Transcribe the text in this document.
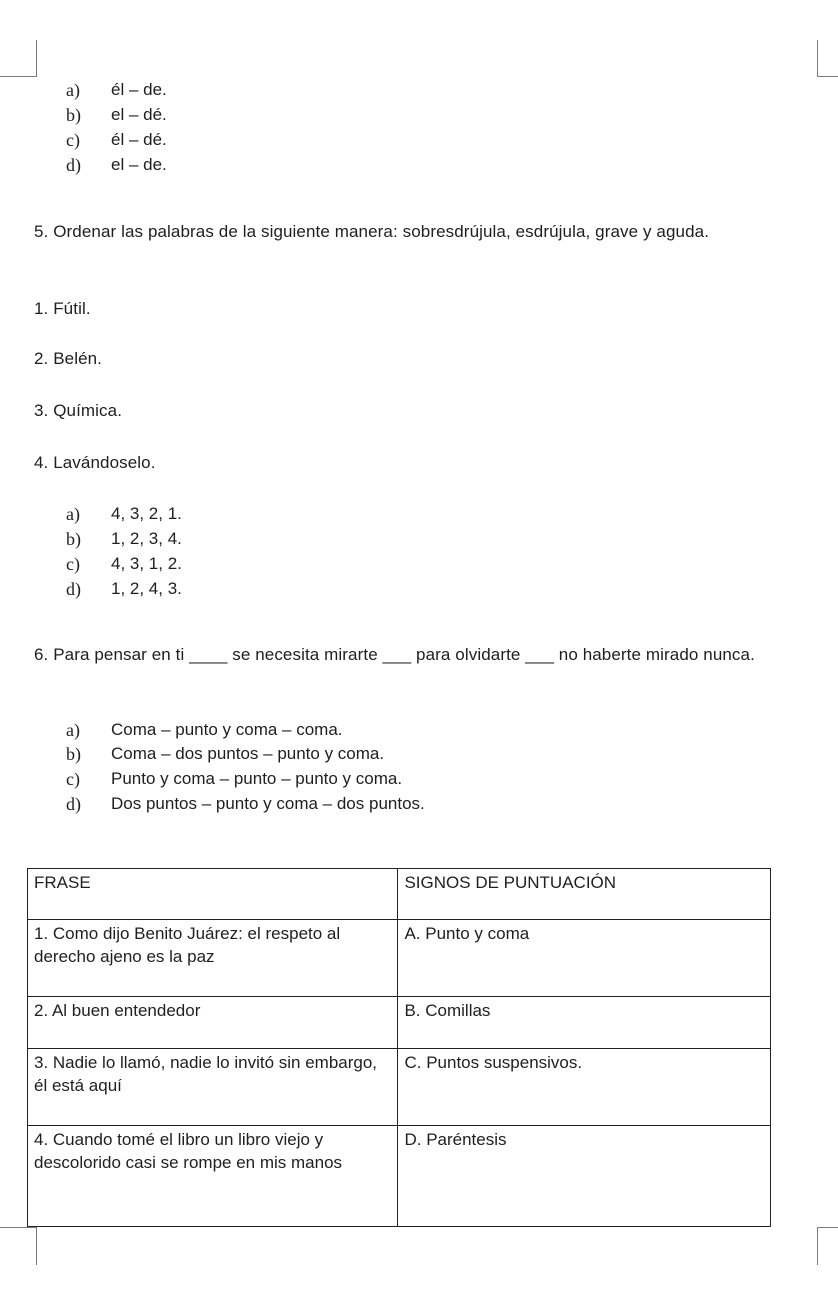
a) él – de.
b) el – dé.
c) él – dé.
d) el – de.
5. Ordenar las palabras de la siguiente manera: sobresdrújula, esdrújula, grave y aguda.
1. Fútil.
2. Belén.
3. Química.
4. Lavándoselo.
a) 4, 3, 2, 1.
b) 1, 2, 3, 4.
c) 4, 3, 1, 2.
d) 1, 2, 4, 3.
6. Para pensar en ti ____ se necesita mirarte ___ para olvidarte ___ no haberte mirado nunca.
a) Coma – punto y coma – coma.
b) Coma – dos puntos – punto y coma.
c) Punto y coma – punto – punto y coma.
d) Dos puntos – punto y coma – dos puntos.
FRASE	SIGNOS DE PUNTUACIÓN
1. Como dijo Benito Juárez: el respeto al derecho ajeno es la paz	A. Punto y coma
2. Al buen entendedor	B. Comillas
3. Nadie lo llamó, nadie lo invitó sin embargo, él está aquí	C. Puntos suspensivos.
4. Cuando tomé el libro un libro viejo y descolorido casi se rompe en mis manos	D. Paréntesis
